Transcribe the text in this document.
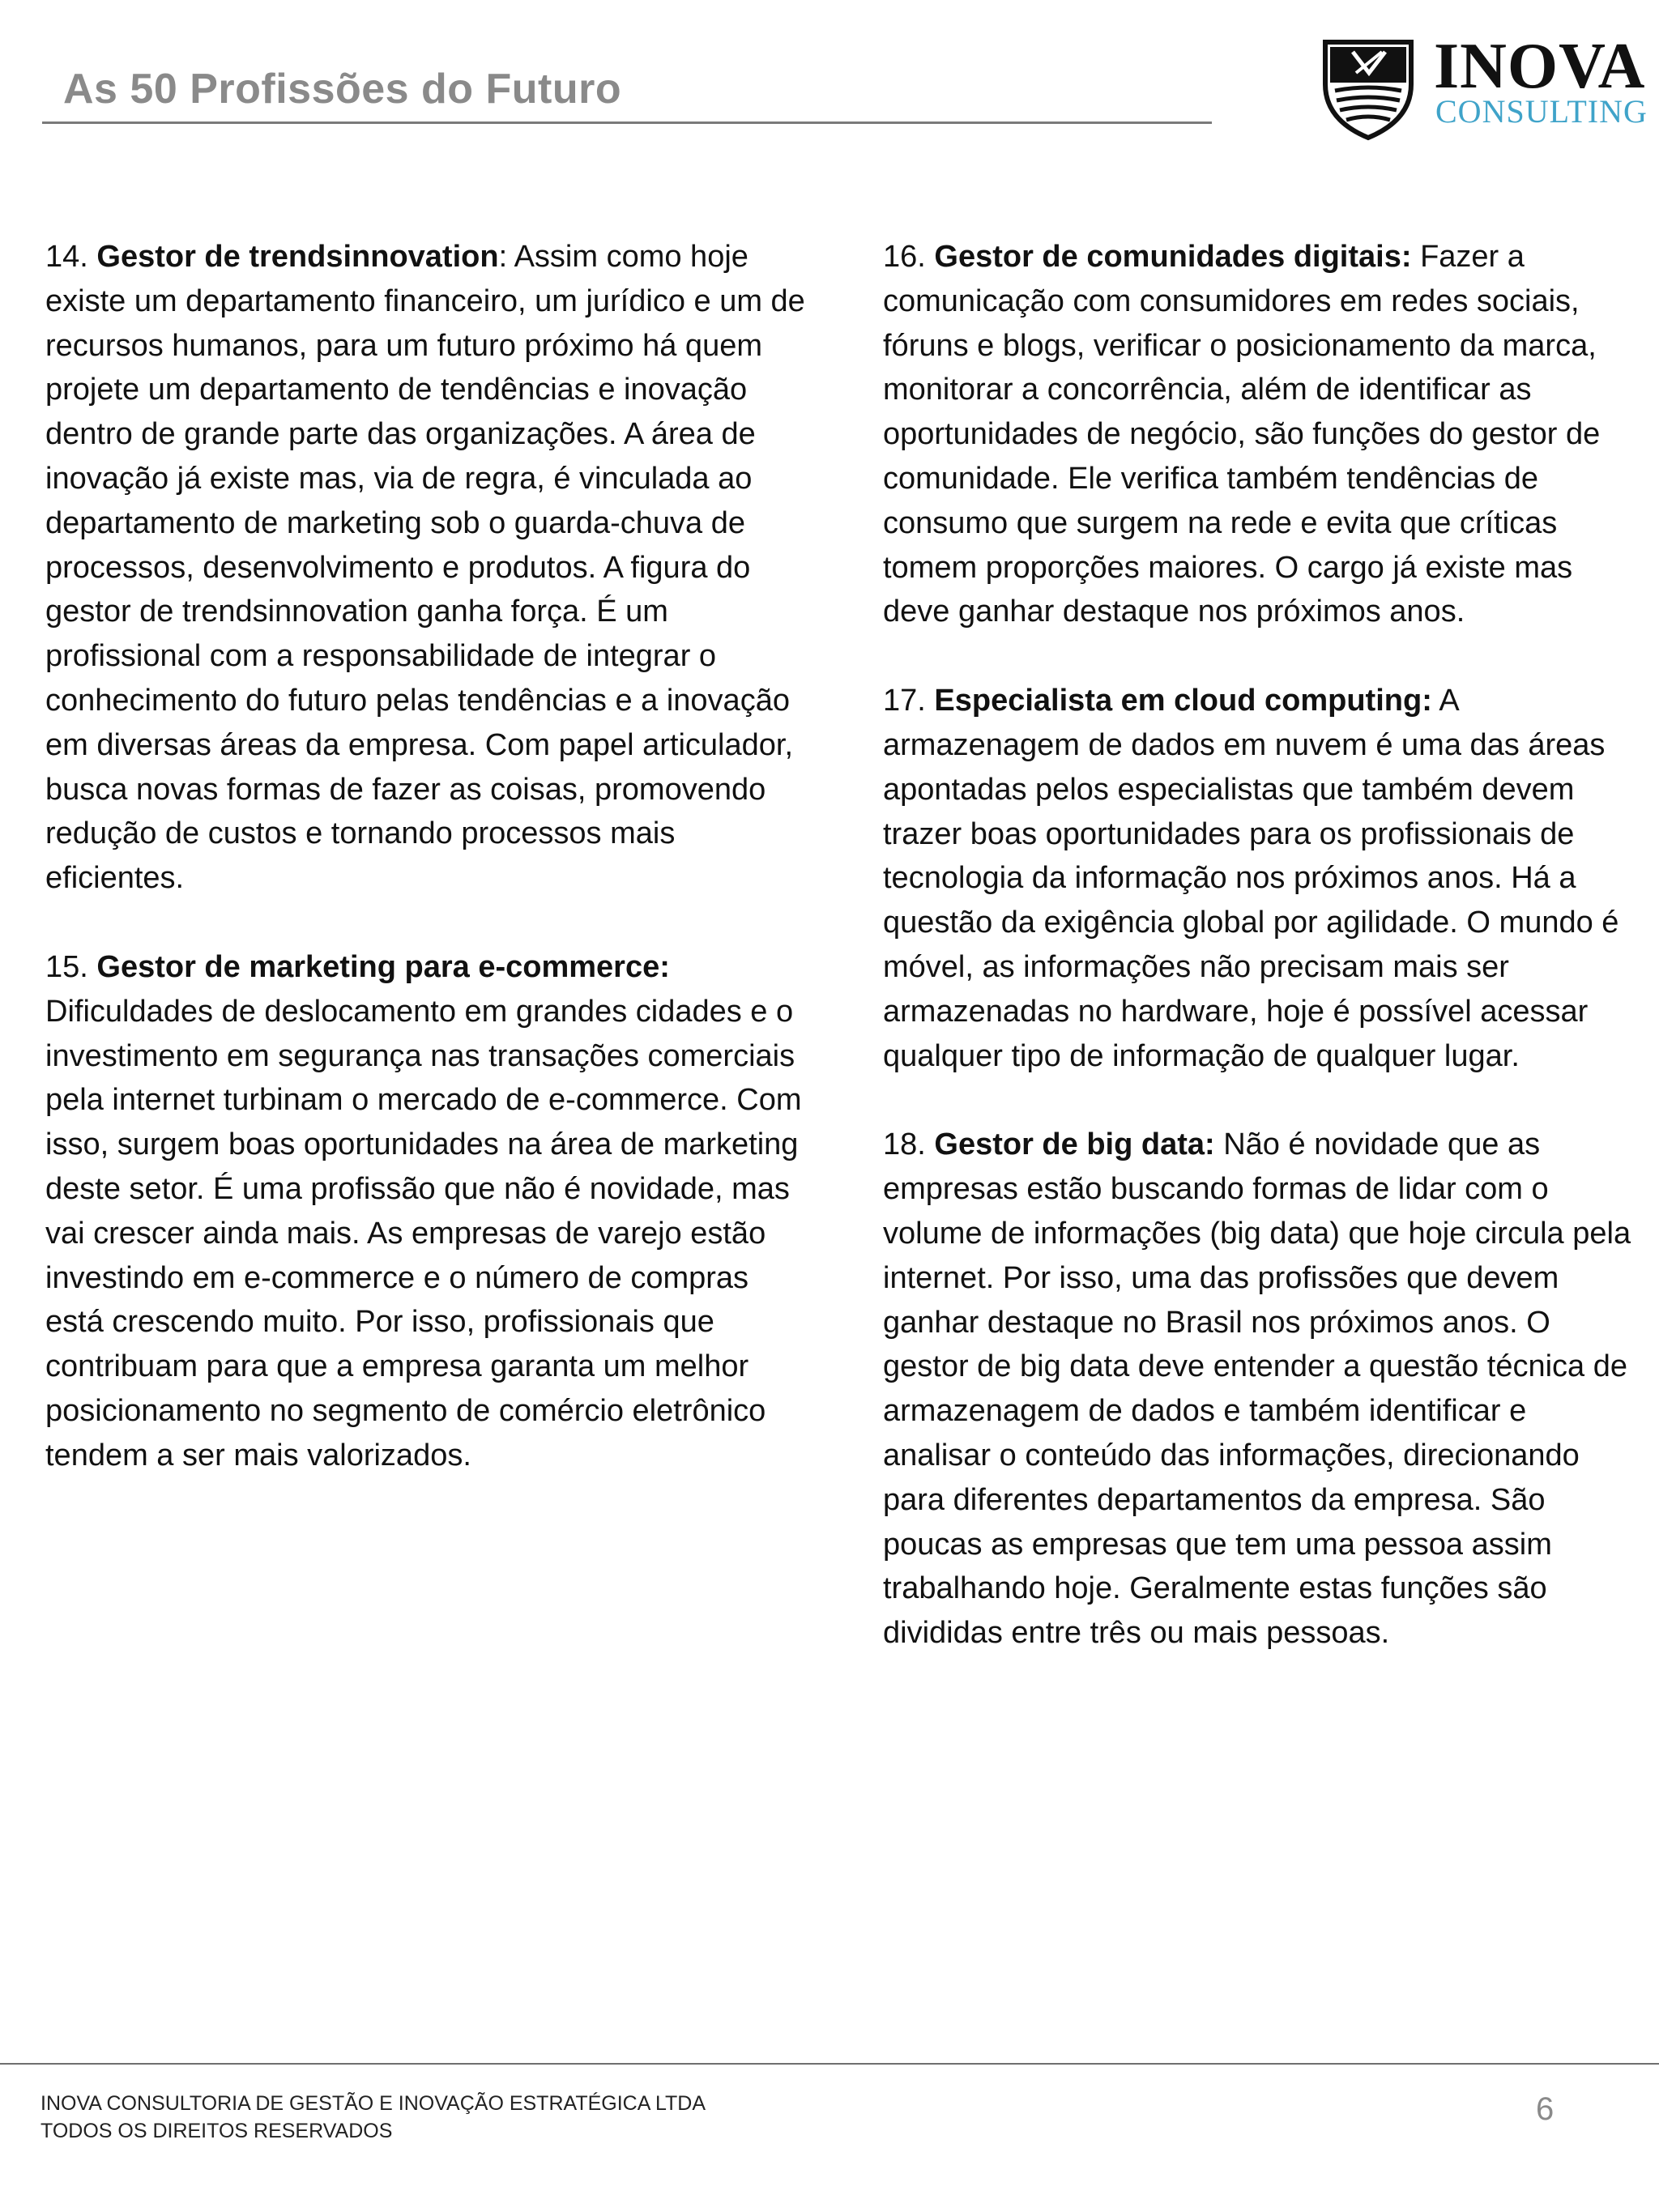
As 50 Profissões do Futuro	INOVA
CONSULTING

14. Gestor de trendsinnovation: Assim como hoje existe um departamento financeiro, um jurídico e um de recursos humanos, para um futuro próximo há quem projete um departamento de tendências e inovação dentro de grande parte das organizações. A área de inovação já existe mas, via de regra, é vinculada ao departamento de marketing sob o guarda-chuva de processos, desenvolvimento e produtos. A figura do gestor de trendsinnovation ganha força. É um profissional com a responsabilidade de integrar o conhecimento do futuro pelas tendências e a inovação em diversas áreas da empresa. Com papel articulador, busca novas formas de fazer as coisas, promovendo redução de custos e tornando processos mais eficientes.

15. Gestor de marketing para e-commerce: Dificuldades de deslocamento em grandes cidades e o investimento em segurança nas transações comerciais pela internet turbinam o mercado de e-commerce. Com isso, surgem boas oportunidades na área de marketing deste setor. É uma profissão que não é novidade, mas vai crescer ainda mais. As empresas de varejo estão investindo em e-commerce e o número de compras está crescendo muito. Por isso, profissionais que contribuam para que a empresa garanta um melhor posicionamento no segmento de comércio eletrônico tendem a ser mais valorizados.

16. Gestor de comunidades digitais: Fazer a comunicação com consumidores em redes sociais, fóruns e blogs, verificar o posicionamento da marca, monitorar a concorrência, além de identificar as oportunidades de negócio, são funções do gestor de comunidade. Ele verifica também tendências de consumo que surgem na rede e evita que críticas tomem proporções maiores. O cargo já existe mas deve ganhar destaque nos próximos anos.

17. Especialista em cloud computing: A armazenagem de dados em nuvem é uma das áreas apontadas pelos especialistas que também devem trazer boas oportunidades para os profissionais de tecnologia da informação nos próximos anos. Há a questão da exigência global por agilidade. O mundo é móvel, as informações não precisam mais ser armazenadas no hardware, hoje é possível acessar qualquer tipo de informação de qualquer lugar.

18. Gestor de big data: Não é novidade que as empresas estão buscando formas de lidar com o volume de informações (big data) que hoje circula pela internet. Por isso, uma das profissões que devem ganhar destaque no Brasil nos próximos anos. O gestor de big data deve entender a questão técnica de armazenagem de dados e também identificar e analisar o conteúdo das informações, direcionando para diferentes departamentos da empresa. São poucas as empresas que tem uma pessoa assim trabalhando hoje. Geralmente estas funções são divididas entre três ou mais pessoas.

INOVA CONSULTORIA DE GESTÃO E INOVAÇÃO ESTRATÉGICA LTDA
TODOS OS DIREITOS RESERVADOS
6
